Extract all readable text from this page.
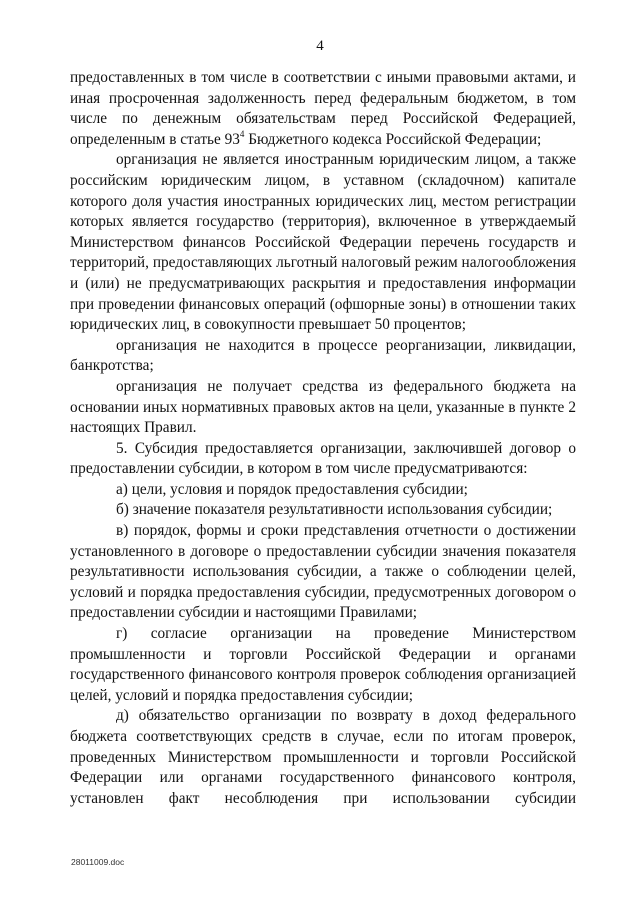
4

предоставленных в том числе в соответствии с иными правовыми актами, и иная просроченная задолженность перед федеральным бюджетом, в том числе по денежным обязательствам перед Российской Федерацией, определенным в статье $93^4$ Бюджетного кодекса Российской Федерации;

организация не является иностранным юридическим лицом, а также российским юридическим лицом, в уставном (складочном) капитале которого доля участия иностранных юридических лиц, местом регистрации которых является государство (территория), включенное в утверждаемый Министерством финансов Российской Федерации перечень государств и территорий, предоставляющих льготный налоговый режим налогообложения и (или) не предусматривающих раскрытия и предоставления информации при проведении финансовых операций (офшорные зоны) в отношении таких юридических лиц, в совокупности превышает 50 процентов;

организация не находится в процессе реорганизации, ликвидации, банкротства;

организация не получает средства из федерального бюджета на основании иных нормативных правовых актов на цели, указанные в пункте 2 настоящих Правил.

5. Субсидия предоставляется организации, заключившей договор о предоставлении субсидии, в котором в том числе предусматриваются:

а) цели, условия и порядок предоставления субсидии;

б) значение показателя результативности использования субсидии;

в) порядок, формы и сроки представления отчетности о достижении установленного в договоре о предоставлении субсидии значения показателя результативности использования субсидии, а также о соблюдении целей, условий и порядка предоставления субсидии, предусмотренных договором о предоставлении субсидии и настоящими Правилами;

г) согласие организации на проведение Министерством промышленности и торговли Российской Федерации и органами государственного финансового контроля проверок соблюдения организацией целей, условий и порядка предоставления субсидии;

д) обязательство организации по возврату в доход федерального бюджета соответствующих средств в случае, если по итогам проверок, проведенных Министерством промышленности и торговли Российской Федерации или органами государственного финансового контроля, установлен факт несоблюдения при использовании субсидии

28011009.doc
